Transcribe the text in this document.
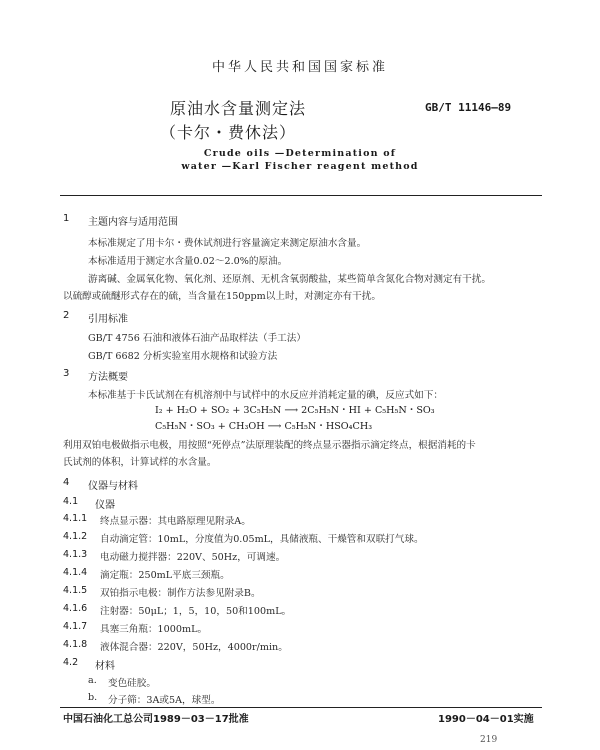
中华人民共和国国家标准
原油水含量测定法
（卡尔・费休法）
GB/T 11146—89
Crude oils —Determination of
water —Karl Fischer reagent method
1 主题内容与适用范围
本标准规定了用卡尔・费休试剂进行容量滴定来测定原油水含量。
本标准适用于测定水含量0.02～2.0%的原油。
游离碱、金属氧化物、氧化剂、还原剂、无机含氧弱酸盐，某些简单含氮化合物对测定有干扰。
以硫醇或硫醚形式存在的硫，当含量在150ppm以上时，对测定亦有干扰。
2 引用标准
GB/T 4756 石油和液体石油产品取样法（手工法）
GB/T 6682 分析实验室用水规格和试验方法
3 方法概要
本标准基于卡氏试剂在有机溶剂中与试样中的水反应并消耗定量的碘，反应式如下：
I₂ + H₂O + SO₂ + 3C₅H₅N ⟶ 2C₅H₅N・HI + C₅H₅N・SO₃
C₅H₅N・SO₃ + CH₃OH ⟶ C₅H₅N・HSO₄CH₃
利用双铂电极做指示电极，用按照“死停点”法原理装配的终点显示器指示滴定终点，根据消耗的卡
氏试剂的体积，计算试样的水含量。
4 仪器与材料
4.1 仪器
4.1.1 终点显示器：其电路原理见附录A。
4.1.2 自动滴定管：10mL，分度值为0.05mL，具储液瓶、干燥管和双联打气球。
4.1.3 电动磁力搅拌器：220V、50Hz，可调速。
4.1.4 滴定瓶：250mL平底三颈瓶。
4.1.5 双铂指示电极：制作方法参见附录B。
4.1.6 注射器：50μL；1，5，10，50和100mL。
4.1.7 具塞三角瓶：1000mL。
4.1.8 液体混合器：220V，50Hz，4000r/min。
4.2 材料
a. 变色硅胶。
b. 分子筛：3A或5A，球型。
中国石油化工总公司1989－03－17批准	1990－04－01实施
219
